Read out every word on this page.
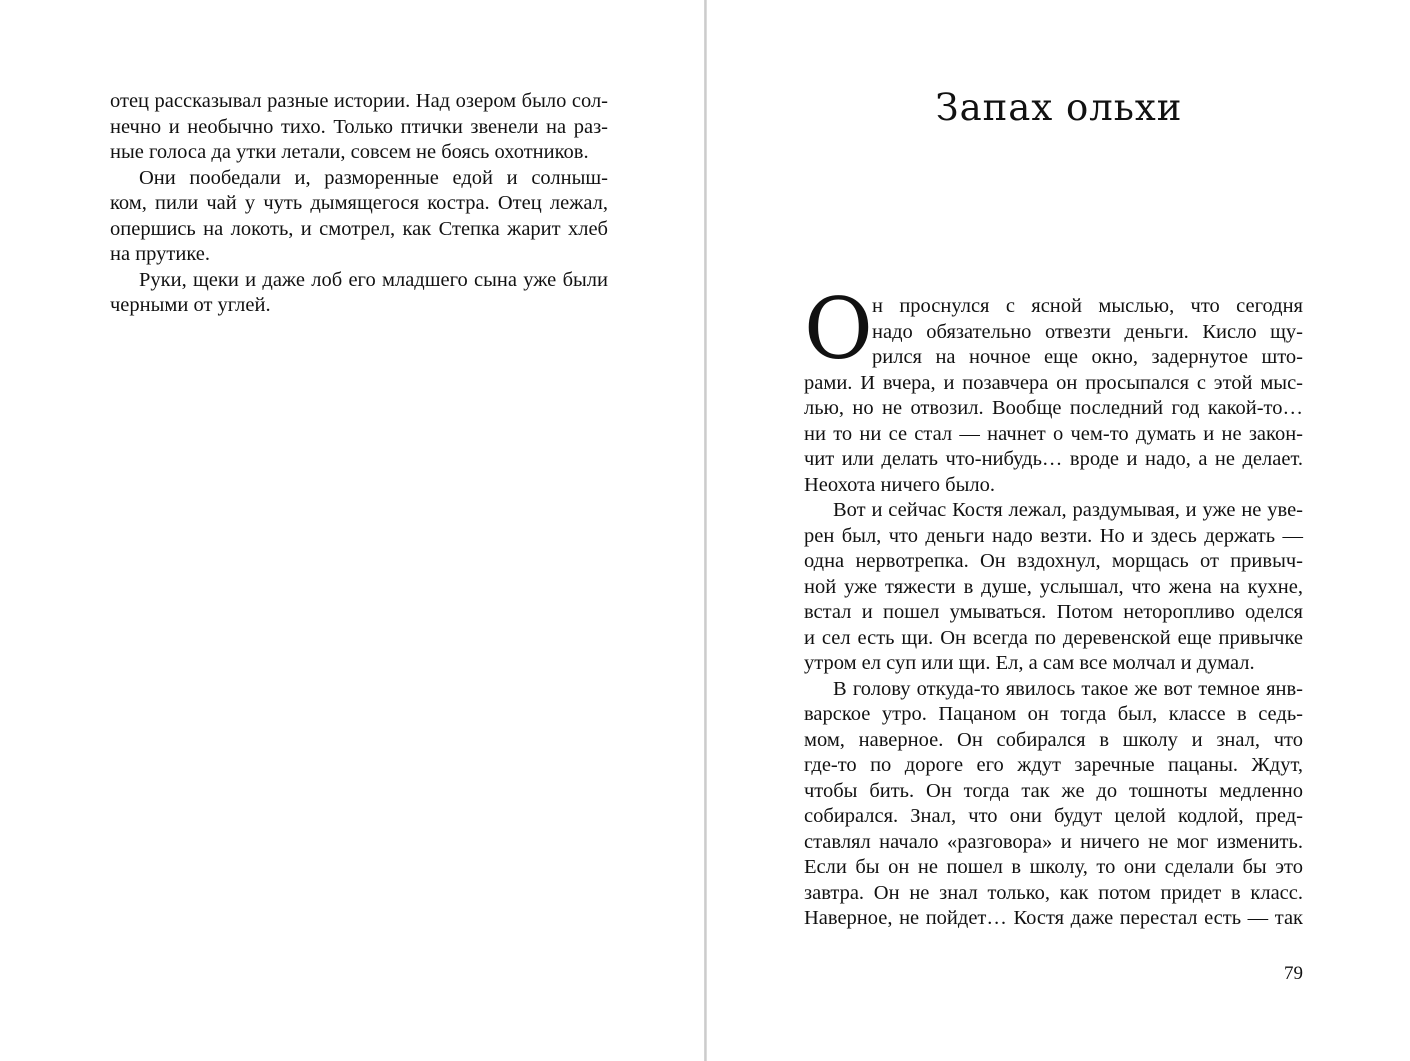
отец рассказывал разные истории. Над озером было сол-
нечно и необычно тихо. Только птички звенели на раз-
ные голоса да утки летали, совсем не боясь охотников.
Они пообедали и, разморенные едой и солныш-
ком, пили чай у чуть дымящегося костра. Отец лежал,
опершись на локоть, и смотрел, как Степка жарит хлеб
на прутике.
Руки, щеки и даже лоб его младшего сына уже были
черными от углей.
Запах ольхи
О н проснулся с ясной мыслью, что сегодня
надо обязательно отвезти деньги. Кисло щу-
рился на ночное еще окно, задернутое што-
рами. И вчера, и позавчера он просыпался с этой мыс-
лью, но не отвозил. Вообще последний год какой-то…
ни то ни се стал — начнет о чем-то думать и не закон-
чит или делать что-нибудь… вроде и надо, а не делает.
Неохота ничего было.
Вот и сейчас Костя лежал, раздумывая, и уже не уве-
рен был, что деньги надо везти. Но и здесь держать —
одна нервотрепка. Он вздохнул, морщась от привыч-
ной уже тяжести в душе, услышал, что жена на кухне,
встал и пошел умываться. Потом неторопливо оделся
и сел есть щи. Он всегда по деревенской еще привычке
утром ел суп или щи. Ел, а сам все молчал и думал.
В голову откуда-то явилось такое же вот темное янв-
варское утро. Пацаном он тогда был, классе в седь-
мом, наверное. Он собирался в школу и знал, что
где-то по дороге его ждут заречные пацаны. Ждут,
чтобы бить. Он тогда так же до тошноты медленно
собирался. Знал, что они будут целой кодлой, пред-
ставлял начало «разговора» и ничего не мог изменить.
Если бы он не пошел в школу, то они сделали бы это
завтра. Он не знал только, как потом придет в класс.
Наверное, не пойдет… Костя даже перестал есть — так
79
